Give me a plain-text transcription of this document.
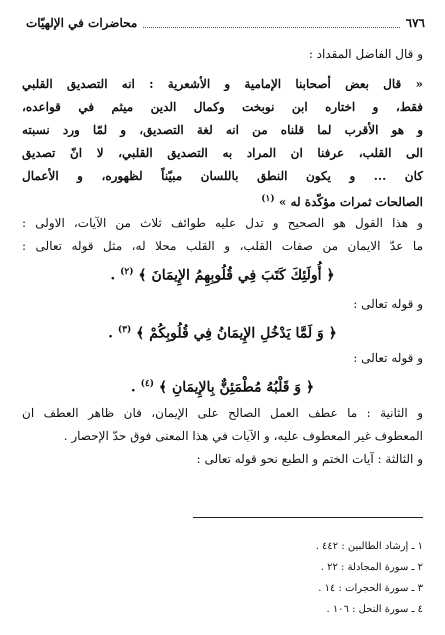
٦٧٦
محاضرات في الإلهيّات
و قال الفاضل المقداد :
« قال بعض أصحابنا الإمامية و الأشعرية : انه التصديق القلبي
فقط، و اختاره ابن نوبخت وكمال الدين ميثم في قواعده،
و هو الأقرب لما قلناه من انه لغة التصديق، و لمّا ورد نسبته
الى القلب، عرفنا ان المراد به التصديق القلبي، لا انّ تصديق
كان ... و يكون النطق باللسان مبيّناً لظهوره، و الأعمال
الصالحات ثمرات مؤكّدة له » $^{(١)}$
و هذا القول هو الصحيح و تدل عليه طوائف ثلاث من الآيات، الاولى :
ما عدّ الايمان من صفات القلب، و القلب محلا له، مثل قوله تعالى :
﴿ أُولَئِكَ كَتَبَ فِي قُلُوبِهِمُ الإِيمَانَ ﴾ $^{(٢)}$ .
و قوله تعالى :
﴿ وَ لَمَّا يَدْخُلِ الإِيمَانُ فِي قُلُوبِكُمْ ﴾ $^{(٣)}$ .
و قوله تعالى :
﴿ وَ قَلْبُهُ مُطْمَئِنٌّ بِالإِيمَانِ ﴾ $^{(٤)}$ .
و الثانية : ما عطف العمل الصالح على الإيمان، فان ظاهر العطف ان
المعطوف غير المعطوف عليه، و الآيات في هذا المعنى فوق حدّ الإحصار .
و الثالثة : آيات الختم و الطبع نحو قوله تعالى :
١ ـ إرشاد الطالبين : ٤٤٢ .
٢ ـ سورة المجادلة : ٢٢ .
٣ ـ سورة الحجرات : ١٤ .
٤ ـ سورة النحل : ١٠٦ .
